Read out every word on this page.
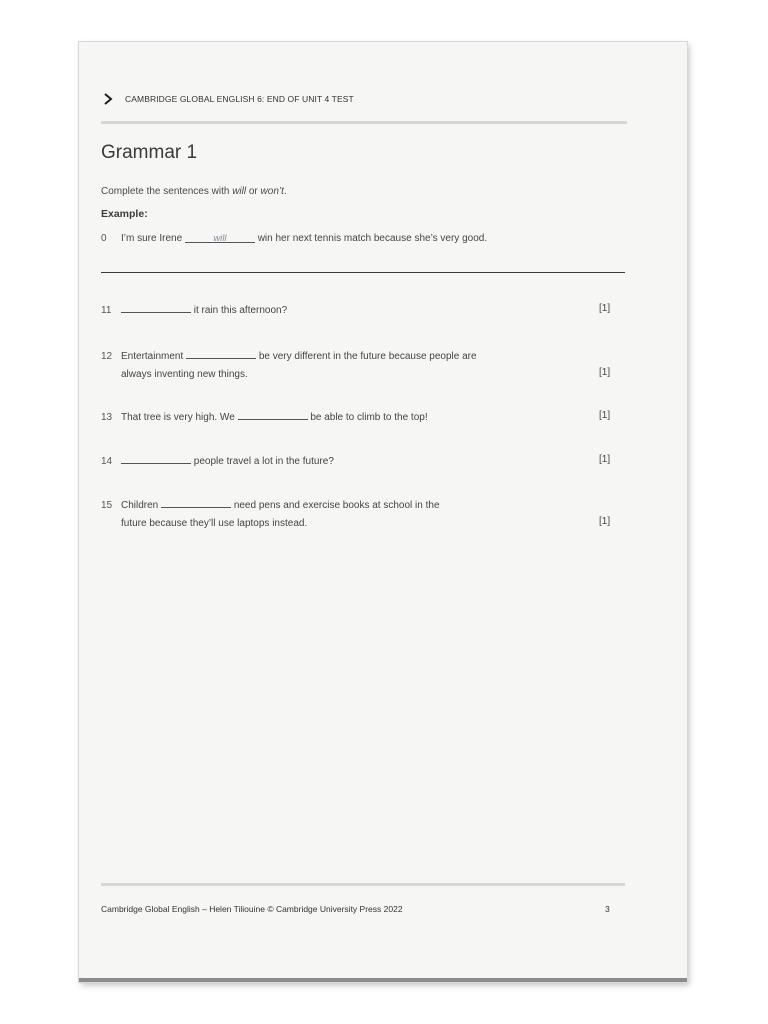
CAMBRIDGE GLOBAL ENGLISH 6: END OF UNIT 4 TEST
Grammar 1
Complete the sentences with will or won’t.
Example:
0 I’m sure Irene	will	win her next tennis match because she’s very good.
11	it rain this afternoon?	[1]
12 Entertainment	be very different in the future because people are
always inventing new things.	[1]
13 That tree is very high. We	be able to climb to the top!	[1]
14	people travel a lot in the future?	[1]
15 Children	need pens and exercise books at school in the
future because they’ll use laptops instead.	[1]
Cambridge Global English – Helen Tiliouine © Cambridge University Press 2022	3
